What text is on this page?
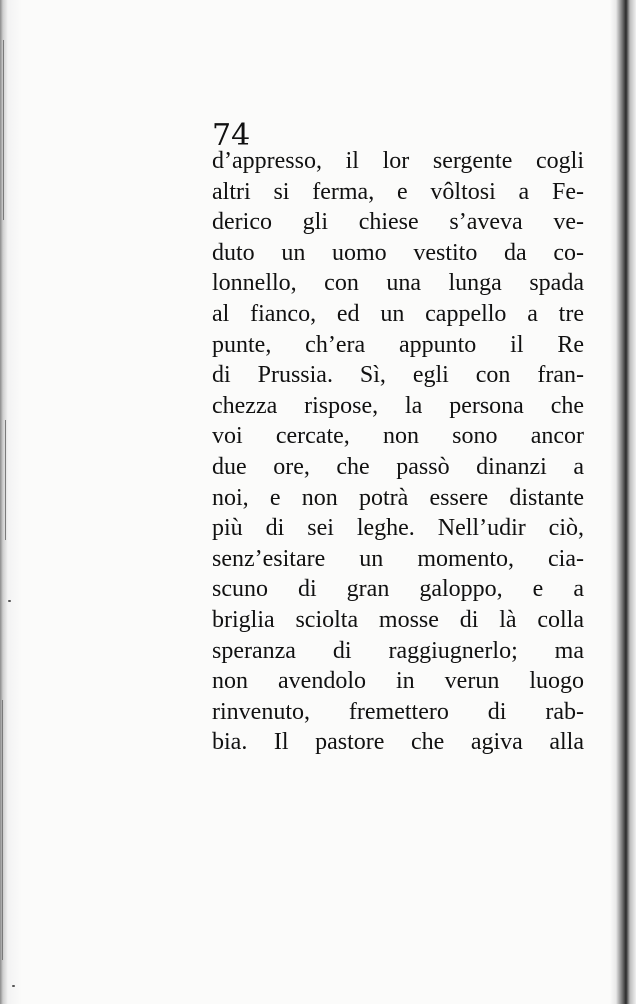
74
d’appresso, il lor sergente cogli
altri si ferma, e vôltosi a Fe-
derico gli chiese s’aveva ve-
duto un uomo vestito da co-
lonnello, con una lunga spada
al fianco, ed un cappello a tre
punte, ch’era appunto il Re
di Prussia. Sì, egli con fran-
chezza rispose, la persona che
voi cercate, non sono ancor
due ore, che passò dinanzi a
noi, e non potrà essere distante
più di sei leghe. Nell’udir ciò,
senz’esitare un momento, cia-
scuno di gran galoppo, e a
briglia sciolta mosse di là colla
speranza di raggiugnerlo; ma
non avendolo in verun luogo
rinvenuto, fremettero di rab-
bia. Il pastore che agiva alla
